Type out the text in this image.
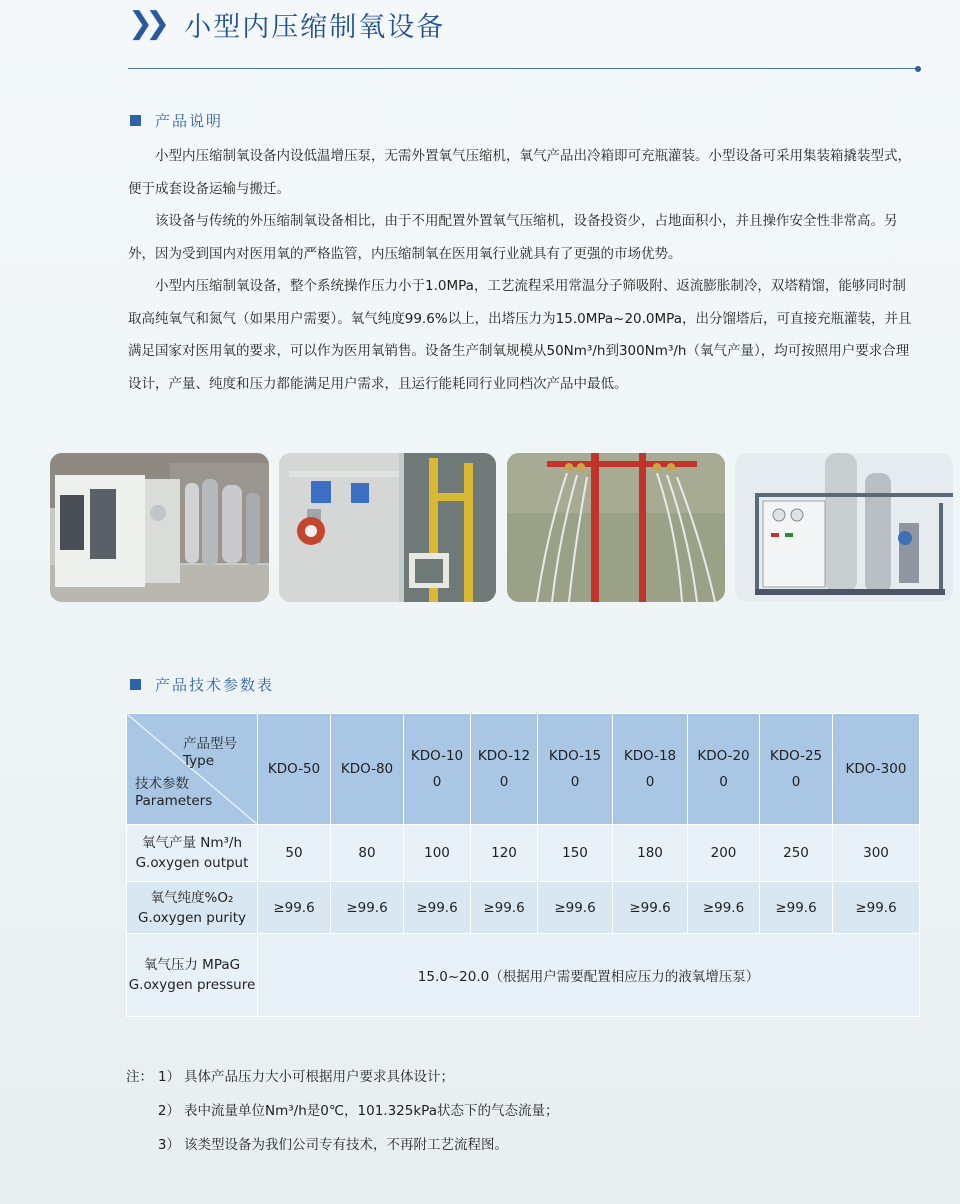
❯❯ 小型内压缩制氧设备
产品说明

小型内压缩制氧设备内设低温增压泵，无需外置氧气压缩机，氧气产品出冷箱即可充瓶灌装。小型设备可采用集装箱撬装型式，便于成套设备运输与搬迁。

该设备与传统的外压缩制氧设备相比，由于不用配置外置氧气压缩机，设备投资少，占地面积小，并且操作安全性非常高。另外，因为受到国内对医用氧的严格监管，内压缩制氧在医用氧行业就具有了更强的市场优势。

小型内压缩制氧设备，整个系统操作压力小于1.0MPa，工艺流程采用常温分子筛吸附、返流膨胀制冷，双塔精馏，能够同时制取高纯氧气和氮气（如果用户需要）。氧气纯度99.6%以上，出塔压力为15.0MPa~20.0MPa，出分馏塔后，可直接充瓶灌装，并且满足国家对医用氧的要求，可以作为医用氧销售。设备生产制氧规模从50Nm³/h到300Nm³/h（氧气产量），均可按照用户要求合理设计，产量、纯度和压力都能满足用户需求，且运行能耗同行业同档次产品中最低。

产品技术参数表
产品型号
Type
技术参数
Parameters	KDO-50	KDO-80	KDO-100	KDO-120	KDO-150	KDO-180	KDO-200	KDO-250	KDO-300

氧气产量 Nm³/h
G.oxygen output	50	80	100	120	150	180	200	250	300

氧气纯度%O₂
G.oxygen purity	≥99.6	≥99.6	≥99.6	≥99.6	≥99.6	≥99.6	≥99.6	≥99.6	≥99.6

氧气压力 MPaG
G.oxygen pressure	15.0~20.0（根据用户需要配置相应压力的液氧增压泵）								
注： 1） 具体产品压力大小可根据用户要求具体设计；
2） 表中流量单位Nm³/h是0℃，101.325kPa状态下的气态流量；
3） 该类型设备为我们公司专有技术，不再附工艺流程图。
